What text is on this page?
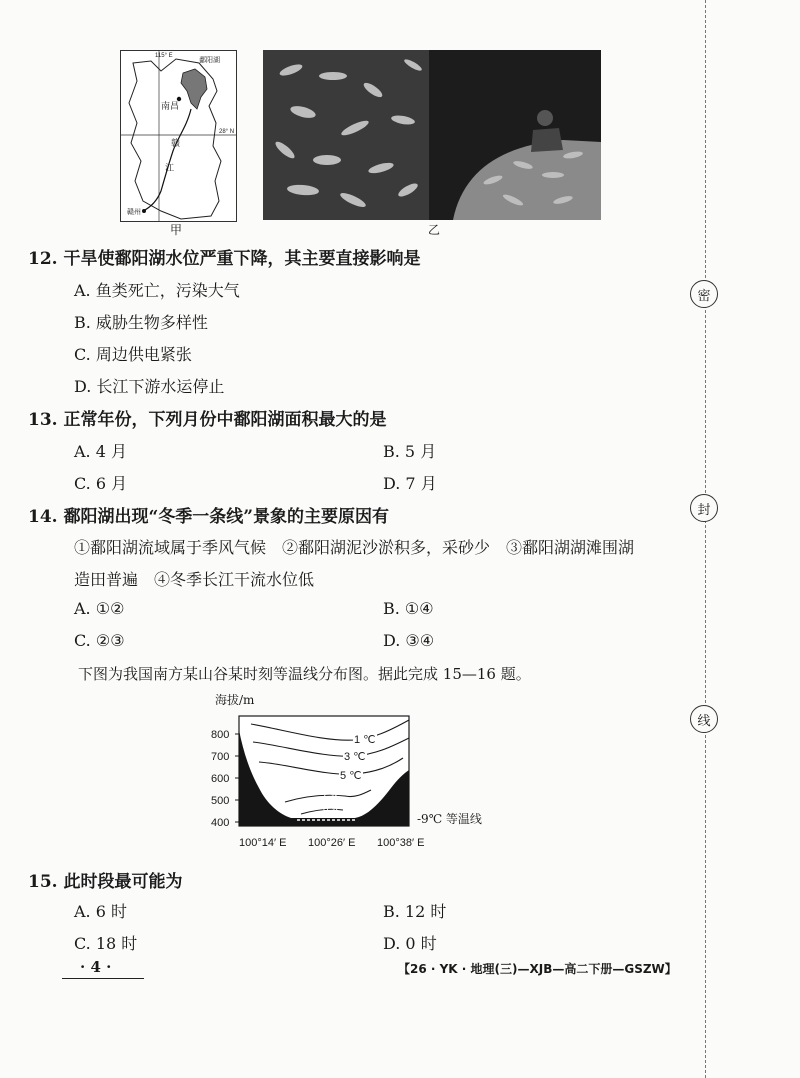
115° E
28° N
鄱阳湖
南昌
赣
江
赣州
甲	乙
12. 干旱使鄱阳湖水位严重下降，其主要直接影响是
A. 鱼类死亡，污染大气
B. 威胁生物多样性
C. 周边供电紧张
D. 长江下游水运停止
13. 正常年份，下列月份中鄱阳湖面积最大的是
A. 4 月	B. 5 月
C. 6 月	D. 7 月
14. 鄱阳湖出现“冬季一条线”景象的主要原因有
①鄱阳湖流域属于季风气候　②鄱阳湖泥沙淤积多，采砂少　③鄱阳湖湖滩围湖
造田普遍　④冬季长江干流水位低
A. ①②	B. ①④
C. ②③	D. ③④
下图为我国南方某山谷某时刻等温线分布图。据此完成 15—16 题。
海拔/m
800
700
600
500
400
1 ℃
3 ℃
5 ℃
7 ℃
9 ℃
甲
-9℃ 等温线
100°14′ E 100°26′ E 100°38′ E
15. 此时段最可能为
A. 6 时	B. 12 时
C. 18 时	D. 0 时
· 4 ·	【26 · YK · 地理(三)—XJB—高二下册—GSZW】
密
封
线
